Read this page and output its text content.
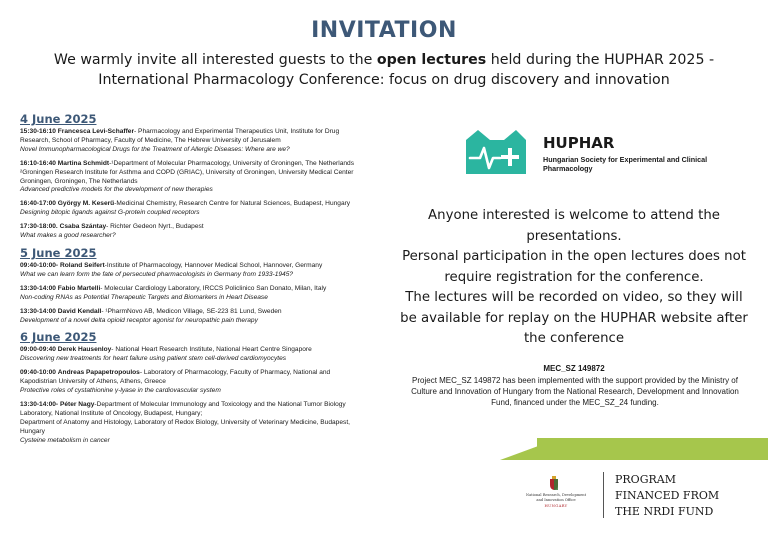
INVITATION
We warmly invite all interested guests to the open lectures held during the HUPHAR 2025 - International Pharmacology Conference: focus on drug discovery and innovation
4 June 2025
15:30-16:10 Francesca Levi-Schaffer- Pharmacology and Experimental Therapeutics Unit, Institute for Drug Research, School of Pharmacy, Faculty of Medicine, The Hebrew University of Jerusalem
Novel Immunopharmacological Drugs for the Treatment of Allergic Diseases: Where are we?
16:10-16:40 Martina Schmidt-¹Department of Molecular Pharmacology, University of Groningen, The Netherlands
²Groningen Research Institute for Asthma and COPD (GRIAC), University of Groningen, University Medical Center Groningen, Groningen, The Netherlands
Advanced predictive models for the development of new therapies
16:40-17:00 György M. Keserű-Medicinal Chemistry, Research Centre for Natural Sciences, Budapest, Hungary
Designing bitopic ligands against G-protein coupled receptors
17:30-18:00. Csaba Szántay- Richter Gedeon Nyrt., Budapest
What makes a good researcher?
5 June 2025
09:40-10:00- Roland Seifert-Institute of Pharmacology, Hannover Medical School, Hannover, Germany
What we can learn form the fate of persecuted pharmacologists in Germany from 1933-1945?
13:30-14:00 Fabio Martelli- Molecular Cardiology Laboratory, IRCCS Policlinico San Donato, Milan, Italy
Non-coding RNAs as Potential Therapeutic Targets and Biomarkers in Heart Disease
13:30-14:00 David Kendall- ¹PharmNovo AB, Medicon Village, SE-223 81 Lund, Sweden
Development of a novel delta opioid receptor agonist for neuropathic pain therapy
6 June 2025
09:00-09:40 Derek Hausenloy- National Heart Research Institute, National Heart Centre Singapore
Discovering new treatments for heart failure using patient stem cell-derived cardiomyocytes
09:40-10:00 Andreas Papapetropoulos- Laboratory of Pharmacology, Faculty of Pharmacy, National and Kapodistrian University of Athens, Athens, Greece
Protective roles of cystathionine γ-lyase in the cardiovascular system
13:30-14:00- Péter Nagy-Department of Molecular Immunology and Toxicology and the National Tumor Biology Laboratory, National Institute of Oncology, Budapest, Hungary;
Department of Anatomy and Histology, Laboratory of Redox Biology, University of Veterinary Medicine, Budapest, Hungary
Cysteine metabolism in cancer
HUPHAR
Hungarian Society for Experimental and Clinical Pharmacology
Anyone interested is welcome to attend the presentations.
Personal participation in the open lectures does not require registration for the conference.
The lectures will be recorded on video, so they will be available for replay on the HUPHAR website after the conference
MEC_SZ 149872
Project MEC_SZ 149872 has been implemented with the support provided by the Ministry of Culture and Innovation of Hungary from the National Research, Development and Innovation Fund, financed under the MEC_SZ_24 funding.
National Research, Development and Innovation Office
HUNGARY
PROGRAM
FINANCED FROM
THE NRDI FUND
